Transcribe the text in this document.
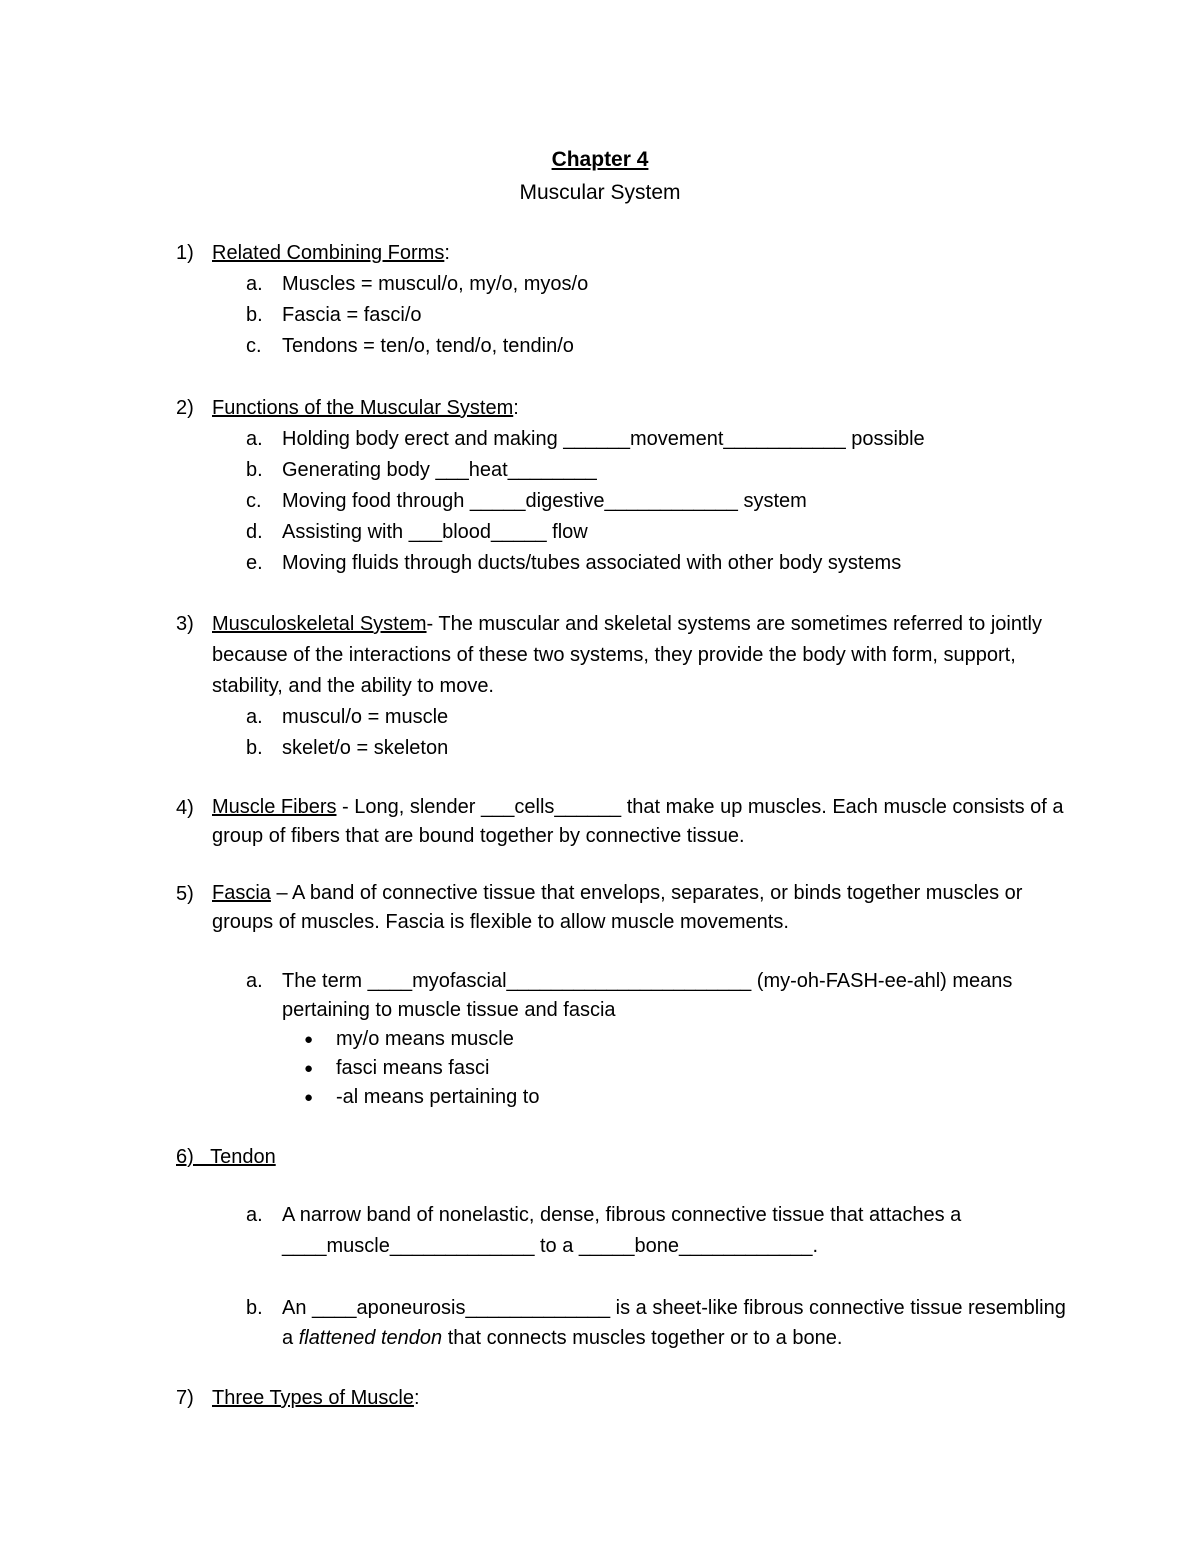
Chapter 4
Muscular System
1) Related Combining Forms:
a. Muscles = muscul/o, my/o, myos/o
b. Fascia = fasci/o
c. Tendons = ten/o, tend/o, tendin/o
2) Functions of the Muscular System:
a. Holding body erect and making ______movement___________ possible
b. Generating body ___heat________
c. Moving food through _____digestive____________ system
d. Assisting with ___blood_____ flow
e. Moving fluids through ducts/tubes associated with other body systems
3) Musculoskeletal System- The muscular and skeletal systems are sometimes referred to jointly because of the interactions of these two systems, they provide the body with form, support, stability, and the ability to move.
a. muscul/o = muscle
b. skelet/o = skeleton
4) Muscle Fibers - Long, slender ___cells______ that make up muscles. Each muscle consists of a group of fibers that are bound together by connective tissue.
5) Fascia – A band of connective tissue that envelops, separates, or binds together muscles or groups of muscles. Fascia is flexible to allow muscle movements.
a. The term ____myofascial______________________ (my-oh-FASH-ee-ahl) means pertaining to muscle tissue and fascia
● my/o means muscle
● fasci means fasci
● -al means pertaining to
6)   Tendon
a. A narrow band of nonelastic, dense, fibrous connective tissue that attaches a ____muscle_____________ to a _____bone____________.
b. An ____aponeurosis_____________ is a sheet-like fibrous connective tissue resembling a flattened tendon that connects muscles together or to a bone.
7) Three Types of Muscle:
